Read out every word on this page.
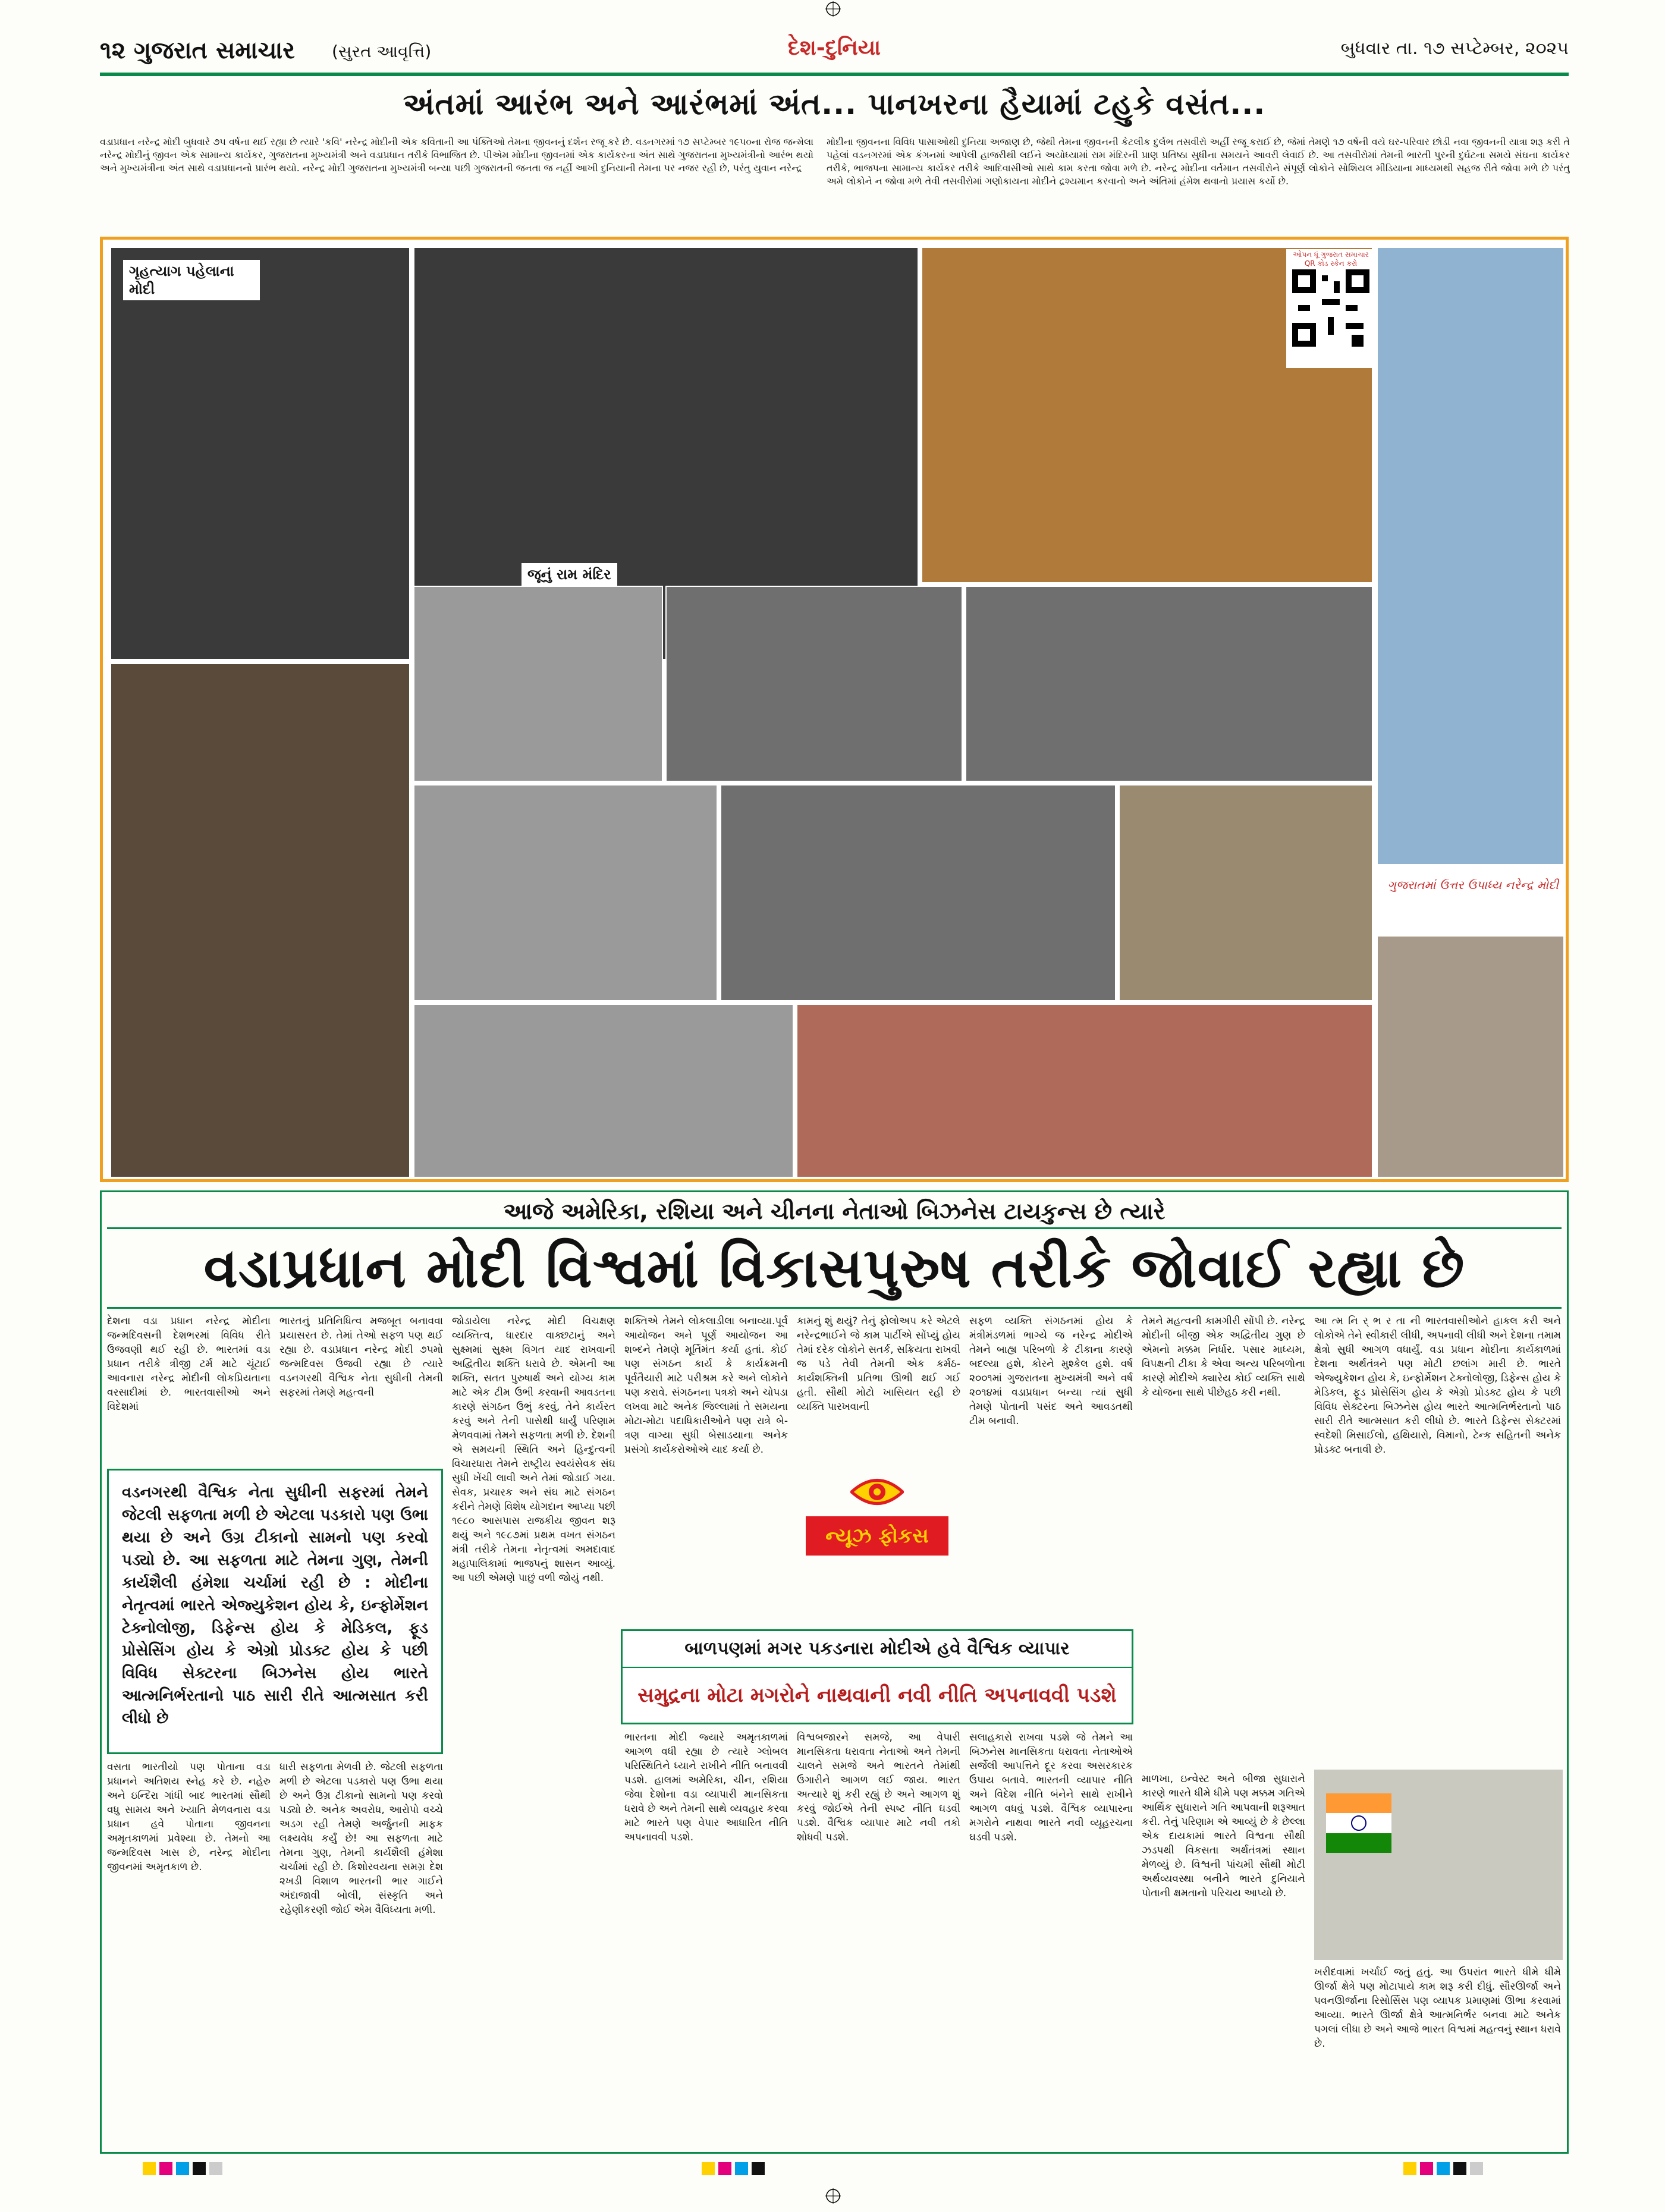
૧૨ ગુજરાત સમાચાર (સુરત આવૃત્તિ)	દેશ-દુનિયા	બુધવાર તા. ૧૭ સપ્ટેમ્બર, ૨૦૨૫
અંતમાં આરંભ અને આરંભમાં અંત... પાનખરના હૈયામાં ટહુકે વસંત...
વડાપ્રધાન નરેન્દ્ર મોદી બુધવારે ૭૫ વર્ષના થઈ રહ્યા છે ત્યારે 'કવિ' નરેન્દ્ર મોદીની એક કવિતાની આ પંક્તિઓ તેમના જીવનનું દર્શન રજૂ કરે છે. વડનગરમાં ૧૭ સપ્ટેમ્બર ૧૯૫૦ના રોજ જન્મેલા નરેન્દ્ર મોદીનું જીવન એક સામાન્ય કાર્યકર, ગુજરાતના મુખ્યમંત્રી અને વડાપ્રધાન તરીકે વિભાજિત છે. પીએમ મોદીના જીવનમાં એક કાર્યકરના અંત સાથે ગુજરાતના મુખ્યમંત્રીનો આરંભ થયો અને મુખ્યમંત્રીના અંત સાથે વડાપ્રધાનનો પ્રારંભ થયો. નરેન્દ્ર મોદી ગુજરાતના મુખ્યમંત્રી બન્યા પછી ગુજરાતની જનતા જ નહીં આખી દુનિયાની તેમના પર નજર રહી છે, પરંતુ યુવાન નરેન્દ્ર
મોદીના જીવનના વિવિધ પાસાઓથી દુનિયા અજાણ છે, જેથી તેમના જીવનની કેટલીક દુર્લભ તસવીરો અહીં રજૂ કરાઈ છે, જેમાં તેમણે ૧૭ વર્ષની વયે ઘર-પરિવાર છોડી નવા જીવનની યાત્રા શરૂ કરી તે પહેલાં વડનગરમાં એક કંગનમાં આપેલી હાજરીથી લઈને અયોધ્યામાં રામ મંદિરની પ્રાણ પ્રતિષ્ઠા સુધીના સમયને આવરી લેવાઈ છે. આ તસવીરોમાં તેમની ભારતી પુરની દુર્ઘટના સમયે સંઘના કાર્યકર તરીકે, ભાજપના સામાન્ય કાર્યકર તરીકે આદિવાસીઓ સાથે કામ કરતા જોવા મળે છે. નરેન્દ્ર મોદીના વર્તમાન તસવીરોને સંપૂર્ણ લોકોને સોશિયલ મીડિયાના માધ્યમથી સહજ રીતે જોવા મળે છે પરંતુ અમે લોકોને ન જોવા મળે તેવી તસવીરોમાં ગણોકાયના મોદીને દ્રશ્યમાન કરવાનો અને અંતિમાં હંમેશ થવાનો પ્રયાસ કર્યો છે.
ગૃહત્યાગ પહેલાના મોદી
જૂનું રામ મંદિર
ઓપન ધૂં ગુજરાત સમાચાર QR કોડ સ્કેન કરો
ગુજરાતમાં ઉત્તર ઉપાધ્ય નરેન્દ્ર મોદી
આજે અમેરિકા, રશિયા અને ચીનના નેતાઓ બિઝનેસ ટાયકુન્સ છે ત્યારે
વડાપ્રધાન મોદી વિશ્વમાં વિકાસપુરુષ તરીકે જોવાઈ રહ્યા છે
દેશના વડા પ્રધાન નરેન્દ્ર મોદીના જન્મદિવસની દેશભરમાં વિવિધ રીતે ઉજવણી થઈ રહી છે. ભારતમાં વડા પ્રધાન તરીકે ત્રીજી ટર્મ માટે ચૂંટાઈ આવનારા નરેન્દ્ર મોદીની લોકપ્રિયતાના વરસાદીમાં છે. ભારતવાસીઓ અને વિદેશમાં
ભારતનું પ્રતિનિધિત્વ મજબૂત બનાવવા પ્રયાસરત છે. તેમાં તેઓ સફળ પણ થઈ રહ્યા છે. વડાપ્રધાન નરેન્દ્ર મોદી ૭૫મો જન્મદિવસ ઉજવી રહ્યા છે ત્યારે વડનગરથી વૈશ્વિક નેતા સુધીની તેમની સફરમાં તેમણે મહત્વની
જોડાયેલા નરેન્દ્ર મોદી વિચક્ષણ વ્યક્તિત્વ, ધારદાર વાક્છટાનું અને સુક્ષ્મમાં સુક્ષ્મ વિગત યાદ રાખવાની અદ્વિતીય શક્તિ ધરાવે છે. એમની આ શક્તિ, સતત પુરુષાર્થ અને યોગ્ય કામ માટે એક ટીમ ઉભી કરવાની આવડતના કારણે સંગઠન ઉભું કરવું, તેને કાર્યરત કરવું અને તેની પાસેથી ધાર્યું પરિણામ મેળવવામાં તેમને સફળતા મળી છે. દેશની એ સમયની સ્થિતિ અને હિન્દુત્વની વિચારધારા તેમને રાષ્ટ્રીય સ્વયંસેવક સંઘ સુધી ખેંચી લાવી અને તેમાં જોડાઈ ગયા. સેવક, પ્રચારક અને સંઘ માટે સંગઠન કરીને તેમણે વિશેષ યોગદાન આપ્યા પછી ૧૯૮૦ આસપાસ રાજકીય જીવન શરૂ થયું અને ૧૯૮૭માં પ્રથમ વખત સંગઠન મંત્રી તરીકે તેમના નેતૃત્વમાં અમદાવાદ મહાપાલિકામાં ભાજપનું શાસન આવ્યું. આ પછી એમણે પાછું વળી જોયું નથી.
શક્તિએ તેમને લોકલાડીલા બનાવ્યા.પૂર્વ આયોજન અને પૂર્ણ આયોજન આ શબ્દને તેમણે મૂર્તિમંત કર્યા હતાં. કોઈ પણ સંગઠન કાર્ય કે કાર્યક્રમની પૂર્વતૈયારી માટે પરીશ્રમ કરે અને લોકોને પણ કરાવે. સંગઠનના પત્રકો અને ચોપડા લખવા માટે અનેક જિલ્લામાં તે સમયના મોટા-મોટા પદાધિકારીઓને પણ રાત્રે બે-ત્રણ વાગ્યા સુધી બેસાડયાના અનેક પ્રસંગો કાર્યકરોઓએ યાદ કર્યા છે.
કામનું શું થયું? તેનું ફોલોઅપ કરે એટલે નરેન્દ્રભાઈને જે કામ પાર્ટીએ સોંપ્યું હોય તેમાં દરેક લોકોને સતર્ક, સક્રિયતા રાખવી જ પડે તેવી તેમની એક કર્મઠ-કાર્યશક્તિની પ્રતિભા ઊભી થઈ ગઈ હતી. સૌથી મોટો ખાસિયત રહી છે વ્યક્તિ પારખવાની
સફળ વ્યક્તિ સંગઠનમાં હોય કે મંત્રીમંડળમાં ભાગ્યે જ નરેન્દ્ર મોદીએ તેમને બાહ્ય પરિબળો કે ટીકાના કારણે બદલ્યા હશે, કોરને મુશ્કેલ હશે. વર્ષ ૨૦૦૧માં ગુજરાતના મુખ્યમંત્રી અને વર્ષ ૨૦૧૪માં વડાપ્રધાન બન્યા ત્યાં સુધી તેમણે પોતાની પસંદ અને આવડતથી ટીમ બનાવી.
તેમને મહત્વની કામગીરી સોંપી છે. નરેન્દ્ર મોદીની બીજી એક અદ્વિતીય ગુણ છે એમનો મક્કમ નિર્ધાર. પસાર માધ્યમ, વિપક્ષની ટીકા કે એવા અન્ય પરિબળોના કારણે મોદીએ ક્યારેય કોઈ વ્યક્તિ સાથે કે યોજના સાથે પીછેહઠ કરી નથી.
આ ત્મ નિ ર્ ભ ર તા ની ભારતવાસીઓને હાકલ કરી અને લોકોએ તેને સ્વીકારી લીધી, અપનાવી લીધી અને દેશના તમામ ક્ષેત્રો સુધી આગળ વધાર્યું. વડા પ્રધાન મોદીના કાર્યકાળમાં દેશના અર્થતંત્રને પણ મોટી છલાંગ મારી છે. ભારતે એજ્યુકેશન હોય કે, ઇન્ફોર્મેશન ટેક્નોલોજી, ડિફેન્સ હોય કે મેડિકલ, ફૂડ પ્રોસેસિંગ હોય કે એગ્રો પ્રોડક્ટ હોય કે પછી વિવિધ સેક્ટરના બિઝનેસ હોય ભારતે આત્મનિર્ભરતાનો પાઠ સારી રીતે આત્મસાત કરી લીધો છે. ભારતે ડિફેન્સ સેક્ટરમાં સ્વદેશી મિસાઈલો, હથિયારો, વિમાનો, ટેન્ક સહિતની અનેક પ્રોડક્ટ બનાવી છે.
વડનગરથી વૈશ્વિક નેતા સુધીની સફરમાં તેમને જેટલી સફળતા મળી છે એટલા પડકારો પણ ઉભા થયા છે અને ઉગ્ર ટીકાનો સામનો પણ કરવો પડ્યો છે. આ સફળતા માટે તેમના ગુણ, તેમની કાર્યશૈલી હંમેશા ચર્ચામાં રહી છે : મોદીના નેતૃત્વમાં ભારતે એજ્યુકેશન હોય કે, ઇન્ફોર્મેશન ટેક્નોલોજી, ડિફેન્સ હોય કે મેડિકલ, ફૂડ પ્રોસેસિંગ હોય કે એગ્રો પ્રોડક્ટ હોય કે પછી વિવિધ સેક્ટરના બિઝનેસ હોય ભારતે આત્મનિર્ભરતાનો પાઠ સારી રીતે આત્મસાત કરી લીધો છે
ન્યૂઝ ફોકસ
બાળપણમાં મગર પકડનારા મોદીએ હવે વૈશ્વિક વ્યાપાર
સમુદ્રના મોટા મગરોને નાથવાની નવી નીતિ અપનાવવી પડશે
વસતા ભારતીયો પણ પોતાના વડા પ્રધાનને અતિશય સ્નેહ કરે છે. નહેરુ અને ઇન્દિરા ગાંધી બાદ ભારતમાં સૌથી વધુ સામય અને ખ્યાતિ મેળવનારા વડા પ્રધાન હવે પોતાના જીવનના અમૃતકાળમાં પ્રવેશ્યા છે. તેમનો આ જન્મદિવસ ખાસ છે, નરેન્દ્ર મોદીના જીવનમાં અમૃતકાળ છે.
ધારી સફળતા મેળવી છે. જેટલી સફળતા મળી છે એટલા પડકારો પણ ઉભા થયા છે અને ઉગ્ર ટીકાનો સામનો પણ કરવો પડ્યો છે. અનેક અવરોધ, આરોપો વચ્ચે અડગ રહી તેમણે અર્જુનની માફક લક્ષ્યવેધ કર્યું છે! આ સફળતા માટે તેમના ગુણ, તેમની કાર્યશૈલી હંમેશા ચર્ચામાં રહી છે. કિશોરવયના સમગ્ર દેશ ૨ખડી વિશાળ ભારતની ભાર ગાઈને અંદાજાવી બોલી, સંસ્કૃતિ અને રહેણીકરણી જોઈ એમ વૈવિધ્યતા મળી.
ભારતના મોદી જ્યારે અમૃતકાળમાં આગળ વધી રહ્યા છે ત્યારે ગ્લોબલ પરિસ્થિતિને ધ્યાને રાખીને નીતિ બનાવવી પડશે. હાલમાં અમેરિકા, ચીન, રશિયા જેવા દેશોના વડા વ્યાપારી માનસિકતા ધરાવે છે અને તેમની સાથે વ્યવહાર કરવા માટે ભારતે પણ વેપાર આધારિત નીતિ અપનાવવી પડશે.
વિશ્વબજારને સમજે, આ વેપારી માનસિકતા ધરાવતા નેતાઓ અને તેમની ચાલને સમજે અને ભારતને તેમાંથી ઉગારીને આગળ લઈ જાય. ભારત અત્યારે શું કરી રહ્યું છે અને આગળ શું કરવું જોઈએ તેની સ્પષ્ટ નીતિ ઘડવી પડશે. વૈશ્વિક વ્યાપાર માટે નવી તકો શોધવી પડશે.
સલાહકારો રાખવા પડશે જે તેમને આ બિઝનેસ માનસિકતા ધરાવતા નેતાઓએ સર્જેલી આપત્તિને દૂર કરવા અસરકારક ઉપાય બતાવે. ભારતની વ્યાપાર નીતિ અને વિદેશ નીતિ બંનેને સાથે રાખીને આગળ વધવું પડશે. વૈશ્વિક વ્યાપારના મગરોને નાથવા ભારતે નવી વ્યૂહરચના ઘડવી પડશે.
માળખા, ઇન્વેસ્ટ અને બીજા સુધારાને કારણે ભારતે ધીમે ધીમે પણ મક્કમ ગતિએ આર્થિક સુધારાને ગતિ આપવાની શરૂઆત કરી. તેનું પરિણામ એ આવ્યું છે કે છેલ્લા એક દાયકામાં ભારતે વિશ્વના સૌથી ઝડપથી વિકસતા અર્થતંત્રમાં સ્થાન મેળવ્યું છે. વિશ્વની પાંચમી સૌથી મોટી અર્થવ્યવસ્થા બનીને ભારતે દુનિયાને પોતાની ક્ષમતાનો પરિચય આપ્યો છે.
ખરીદવામાં ખર્ચાઈ જતું હતું. આ ઉપરાંત ભારતે ધીમે ધીમે ઊર્જા ક્ષેત્રે પણ મોટાપાયે કામ શરૂ કરી દીધું. સૌરઊર્જા અને પવનઊર્જાના રિસોર્સિસ પણ વ્યાપક પ્રમાણમાં ઊભા કરવામાં આવ્યા. ભારતે ઊર્જા ક્ષેત્રે આત્મનિર્ભર બનવા માટે અનેક પગલાં લીધા છે અને આજે ભારત વિશ્વમાં મહત્વનું સ્થાન ધરાવે છે.
